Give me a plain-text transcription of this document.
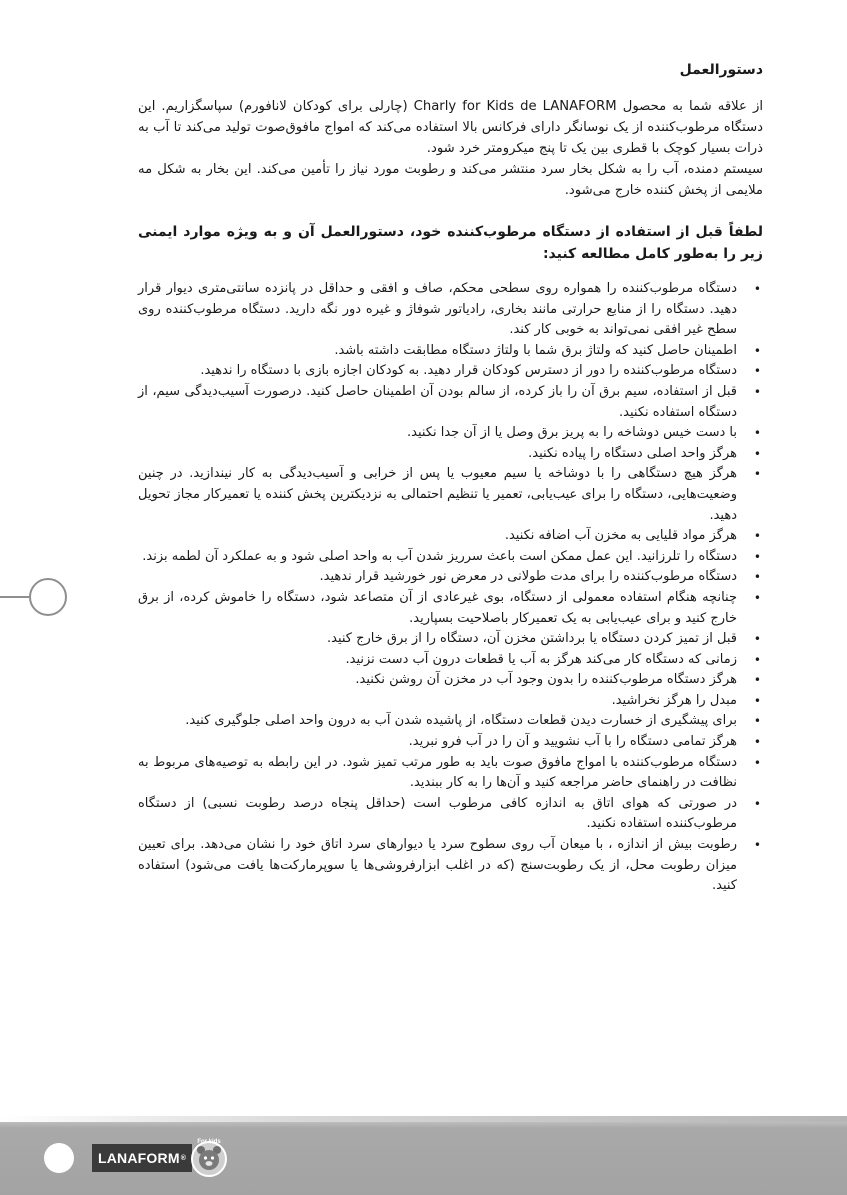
دستورالعمل

از علاقه شما به محصول Charly for Kids de LANAFORM (چارلی برای کودکان لانافورم) سپاسگزاریم. این دستگاه مرطوب‌کننده از یک نوسانگر دارای فرکانس بالا استفاده می‌کند که امواج مافوق‌صوت تولید می‌کند تا آب به ذرات بسیار کوچک با قطری بین یک تا پنج میکرومتر خرد شود.

سیستم دمنده، آب را به شکل بخار سرد منتشر می‌کند و رطوبت مورد نیاز را تأمین می‌کند. این بخار به شکل مه ملایمی از پخش کننده خارج می‌شود.

لطفاً قبل از استفاده از دستگاه مرطوب‌کننده خود، دستورالعمل آن و به ویژه موارد ایمنی زیر را به‌طور کامل مطالعه کنید:
•
دستگاه مرطوب‌کننده را همواره روی سطحی محکم، صاف و افقی و حداقل در پانزده سانتی‌متری دیوار قرار دهید. دستگاه را از منابع حرارتی مانند بخاری، رادیاتور شوفاژ و غیره دور نگه دارید. دستگاه مرطوب‌کننده روی سطح غیر افقی نمی‌تواند به خوبی کار کند.
•
اطمینان حاصل کنید که ولتاژ برق شما با ولتاژ دستگاه مطابقت داشته باشد.
•
دستگاه مرطوب‌کننده را دور از دسترس کودکان قرار دهید. به کودکان اجازه بازی با دستگاه را ندهید.
•
قبل از استفاده، سیم برق آن را باز کرده، از سالم بودن آن اطمینان حاصل کنید. درصورت آسیب‌دیدگی سیم، از دستگاه استفاده نکنید.
•
با دست خیس دوشاخه را به پریز برق وصل یا از آن جدا نکنید.
•
هرگز واحد اصلی دستگاه را پیاده نکنید.
•
هرگز هیچ دستگاهی را با دوشاخه یا سیم معیوب یا پس از خرابی و آسیب‌دیدگی به کار نیندازید. در چنین وضعیت‌هایی، دستگاه را برای عیب‌یابی، تعمیر یا تنظیم احتمالی به نزدیکترین پخش کننده یا تعمیرکار مجاز تحویل دهید.
•
هرگز مواد قلیایی به مخزن آب اضافه نکنید.
•
دستگاه را تلرزانید. این عمل ممکن است باعث سرریز شدن آب به واحد اصلی شود و به عملکرد آن لطمه بزند.
•
دستگاه مرطوب‌کننده را برای مدت طولانی در معرض نور خورشید قرار ندهید.
•
چنانچه هنگام استفاده معمولی از دستگاه، بوی غیرعادی از آن متصاعد شود، دستگاه را خاموش کرده، از برق خارج کنید و برای عیب‌یابی به یک تعمیرکار باصلاحیت بسپارید.
•
قبل از تمیز کردن دستگاه یا برداشتن مخزن آن، دستگاه را از برق خارج کنید.
•
زمانی که دستگاه کار می‌کند هرگز به آب یا قطعات درون آب دست نزنید.
•
هرگز دستگاه مرطوب‌کننده را بدون وجود آب در مخزن آن روشن نکنید.
•
مبدل را هرگز نخراشید.
•
برای پیشگیری از خسارت دیدن قطعات دستگاه، از پاشیده شدن آب به درون واحد اصلی جلوگیری کنید.
•
هرگز تمامی دستگاه را با آب نشویید و آن را در آب فرو نبرید.
•
دستگاه مرطوب‌کننده با امواج مافوق صوت باید به طور مرتب تمیز شود. در این رابطه به توصیه‌های مربوط به نظافت در راهنمای حاضر مراجعه کنید و آن‌ها را به کار ببندید.
•
در صورتی که هوای اتاق به اندازه کافی مرطوب است (حداقل پنجاه درصد رطوبت نسبی) از دستگاه مرطوب‌کننده استفاده نکنید.
•
رطوبت بیش از اندازه ، با میعان آب روی سطوح سرد یا دیوارهای سرد اتاق خود را نشان می‌دهد. برای تعیین میزان رطوبت محل، از یک رطوبت‌سنج (که در اغلب ابزارفروشی‌ها یا سوپرمارکت‌ها یافت می‌شود) استفاده کنید.
LANAFORM ®
For kids
